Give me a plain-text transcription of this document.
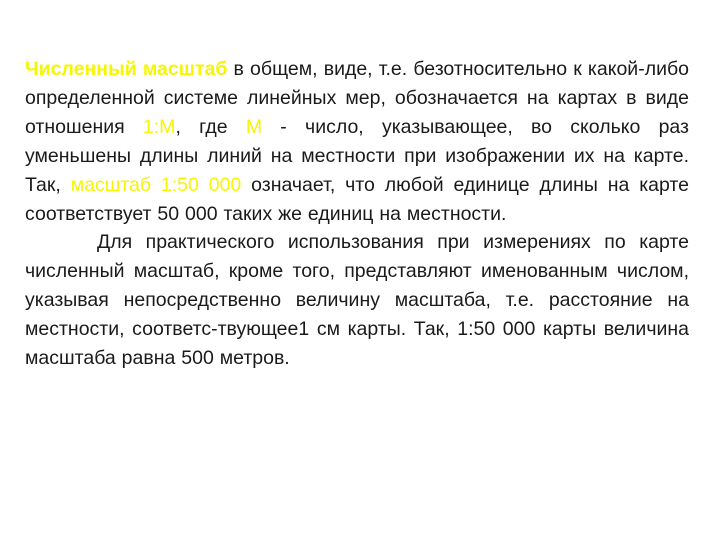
Численный масштаб в общем, виде, т.е. безотносительно к какой-либо определенной системе линейных мер, обозначается на картах в виде отношения 1:М, где М - число, указывающее, во сколько раз уменьшены длины линий на местности при изображении их на карте. Так, масштаб 1:50 000 означает, что любой единице длины на карте соответствует 50 000 таких же единиц на местности.

Для практического использования при измерениях по карте численный масштаб, кроме того, представляют именованным числом, указывая непосредственно величину масштаба, т.е. расстояние на местности, соответс-твующее1 см карты. Так, 1:50 000 карты величина масштаба равна 500 метров.
